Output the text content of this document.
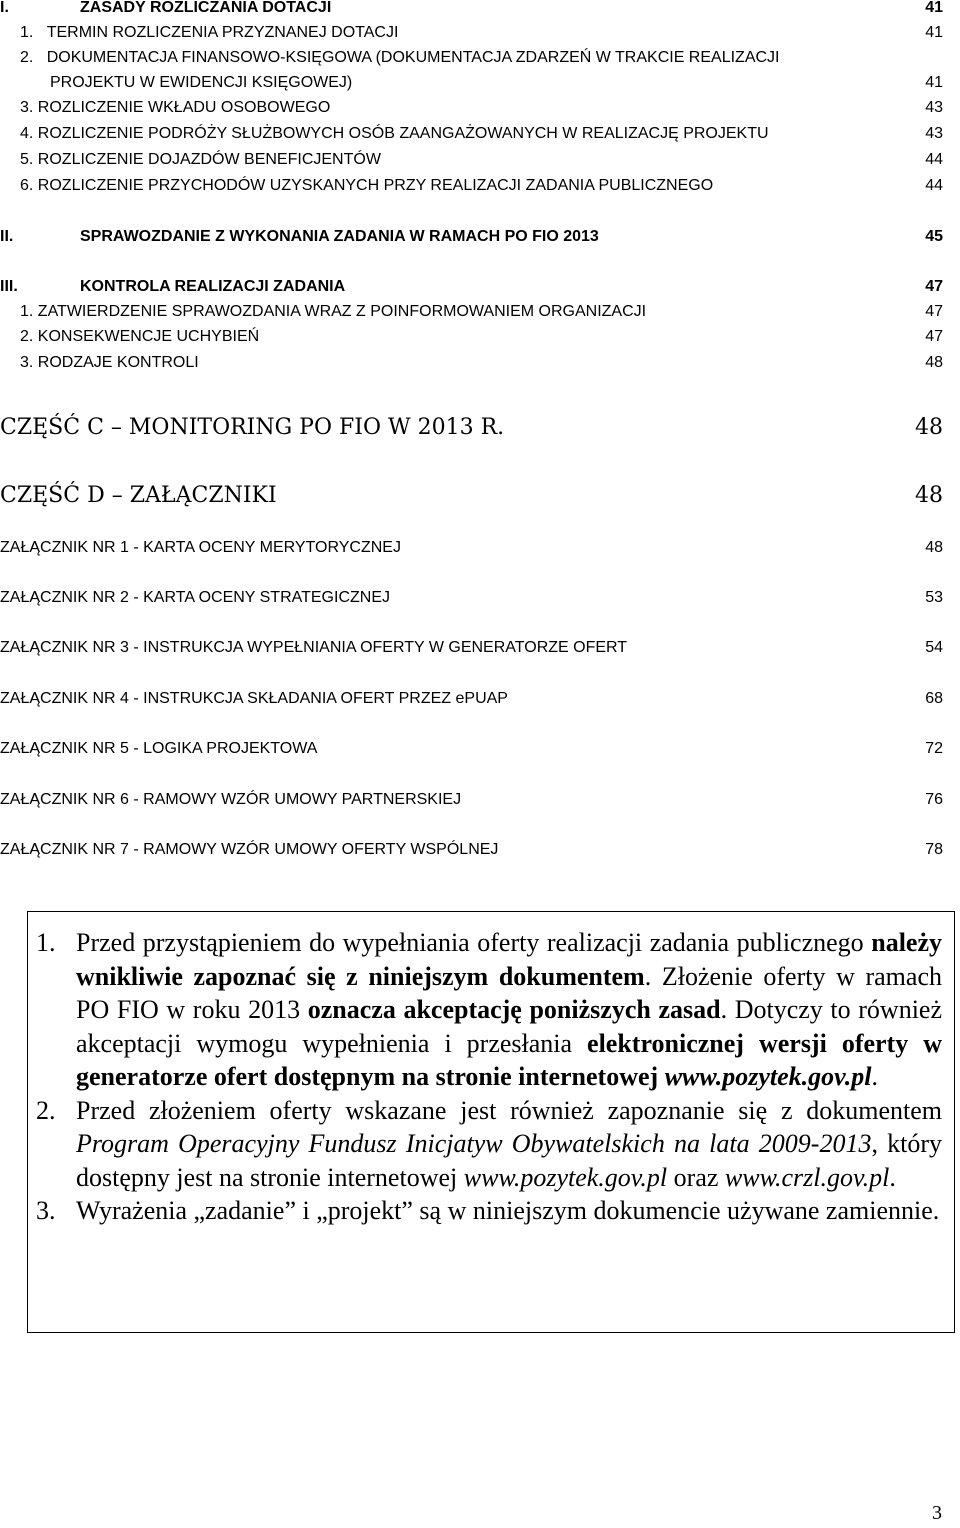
I.	ZASADY ROZLICZANIA DOTACJI	41
1. TERMIN ROZLICZENIA PRZYZNANEJ DOTACJI	41
2. DOKUMENTACJA FINANSOWO-KSIĘGOWA (DOKUMENTACJA ZDARZEŃ W TRAKCIE REALIZACJI
PROJEKTU W EWIDENCJI KSIĘGOWEJ)	41
3. ROZLICZENIE WKŁADU OSOBOWEGO	43
4. ROZLICZENIE PODRÓŻY SŁUŻBOWYCH OSÓB ZAANGAŻOWANYCH W REALIZACJĘ PROJEKTU	43
5. ROZLICZENIE DOJAZDÓW BENEFICJENTÓW	44
6. ROZLICZENIE PRZYCHODÓW UZYSKANYCH PRZY REALIZACJI ZADANIA PUBLICZNEGO	44
II.	SPRAWOZDANIE Z WYKONANIA ZADANIA W RAMACH PO FIO 2013	45
III.	KONTROLA REALIZACJI ZADANIA	47
1. ZATWIERDZENIE SPRAWOZDANIA WRAZ Z POINFORMOWANIEM ORGANIZACJI	47
2. KONSEKWENCJE UCHYBIEŃ	47
3. RODZAJE KONTROLI	48
CZĘŚĆ C – MONITORING PO FIO W 2013 R.	48
CZĘŚĆ D – ZAŁĄCZNIKI	48
ZAŁĄCZNIK NR 1 - KARTA OCENY MERYTORYCZNEJ	48
ZAŁĄCZNIK NR 2 - KARTA OCENY STRATEGICZNEJ	53
ZAŁĄCZNIK NR 3 - INSTRUKCJA WYPEŁNIANIA OFERTY W GENERATORZE OFERT	54
ZAŁĄCZNIK NR 4 - INSTRUKCJA SKŁADANIA OFERT PRZEZ ePUAP	68
ZAŁĄCZNIK NR 5 - LOGIKA PROJEKTOWA	72
ZAŁĄCZNIK NR 6 - RAMOWY WZÓR UMOWY PARTNERSKIEJ	76
ZAŁĄCZNIK NR 7 - RAMOWY WZÓR UMOWY OFERTY WSPÓLNEJ	78
1. Przed przystąpieniem do wypełniania oferty realizacji zadania publicznego należy wnikliwie zapoznać się z niniejszym dokumentem. Złożenie oferty w ramach PO FIO w roku 2013 oznacza akceptację poniższych zasad. Dotyczy to również akceptacji wymogu wypełnienia i przesłania elektronicznej wersji oferty w generatorze ofert dostępnym na stronie internetowej www.pozytek.gov.pl.

2. Przed złożeniem oferty wskazane jest również zapoznanie się z dokumentem Program Operacyjny Fundusz Inicjatyw Obywatelskich na lata 2009-2013, który dostępny jest na stronie internetowej www.pozytek.gov.pl oraz www.crzl.gov.pl.

3. Wyrażenia „zadanie” i „projekt” są w niniejszym dokumencie używane zamiennie.

3
